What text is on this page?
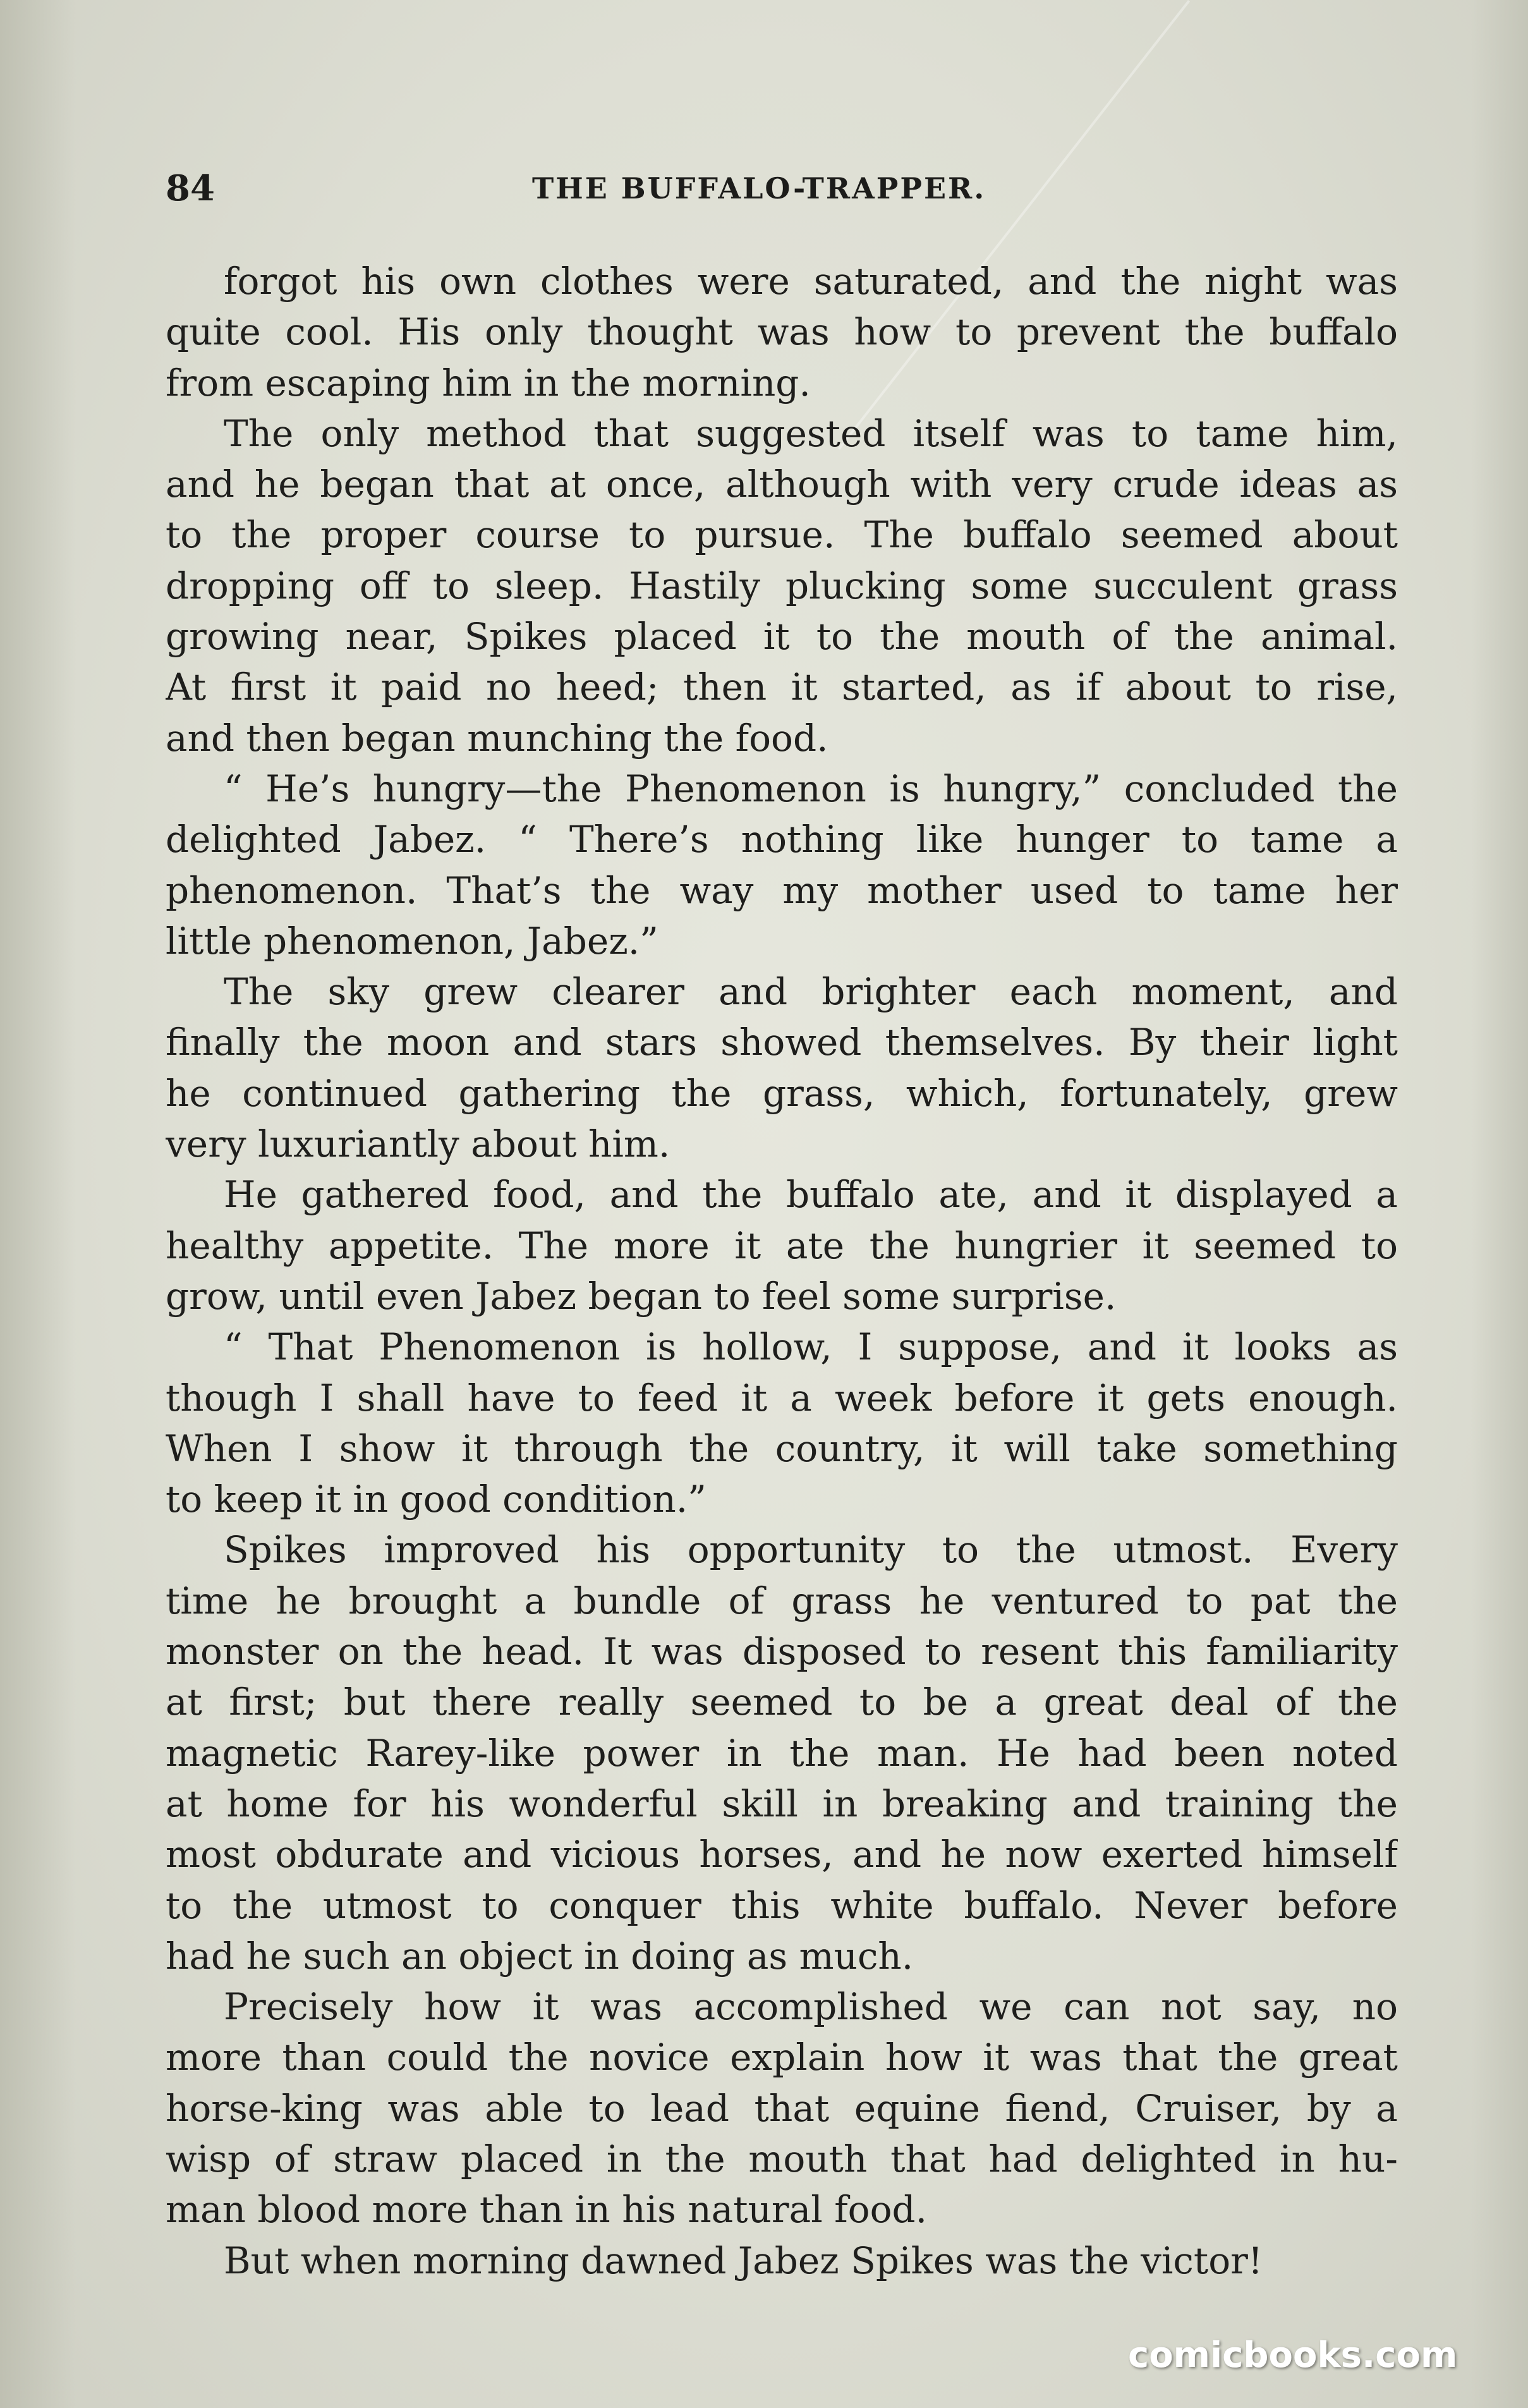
84	THE BUFFALO-TRAPPER.
forgot his own clothes were saturated, and the night was
quite cool. His only thought was how to prevent the buffalo
from escaping him in the morning.
The only method that suggested itself was to tame him,
and he began that at once, although with very crude ideas as
to the proper course to pursue. The buffalo seemed about
dropping off to sleep. Hastily plucking some succulent grass
growing near, Spikes placed it to the mouth of the animal.
At first it paid no heed; then it started, as if about to rise,
and then began munching the food.
“ He’s hungry—the Phenomenon is hungry,” concluded the
delighted Jabez. “ There’s nothing like hunger to tame a
phenomenon. That’s the way my mother used to tame her
little phenomenon, Jabez.”
The sky grew clearer and brighter each moment, and
finally the moon and stars showed themselves. By their light
he continued gathering the grass, which, fortunately, grew
very luxuriantly about him.
He gathered food, and the buffalo ate, and it displayed a
healthy appetite. The more it ate the hungrier it seemed to
grow, until even Jabez began to feel some surprise.
“ That Phenomenon is hollow, I suppose, and it looks as
though I shall have to feed it a week before it gets enough.
When I show it through the country, it will take something
to keep it in good condition.”
Spikes improved his opportunity to the utmost. Every
time he brought a bundle of grass he ventured to pat the
monster on the head. It was disposed to resent this familiarity
at first; but there really seemed to be a great deal of the
magnetic Rarey-like power in the man. He had been noted
at home for his wonderful skill in breaking and training the
most obdurate and vicious horses, and he now exerted himself
to the utmost to conquer this white buffalo. Never before
had he such an object in doing as much.
Precisely how it was accomplished we can not say, no
more than could the novice explain how it was that the great
horse-king was able to lead that equine fiend, Cruiser, by a
wisp of straw placed in the mouth that had delighted in hu-
man blood more than in his natural food.
But when morning dawned Jabez Spikes was the victor!
comicbooks.com
